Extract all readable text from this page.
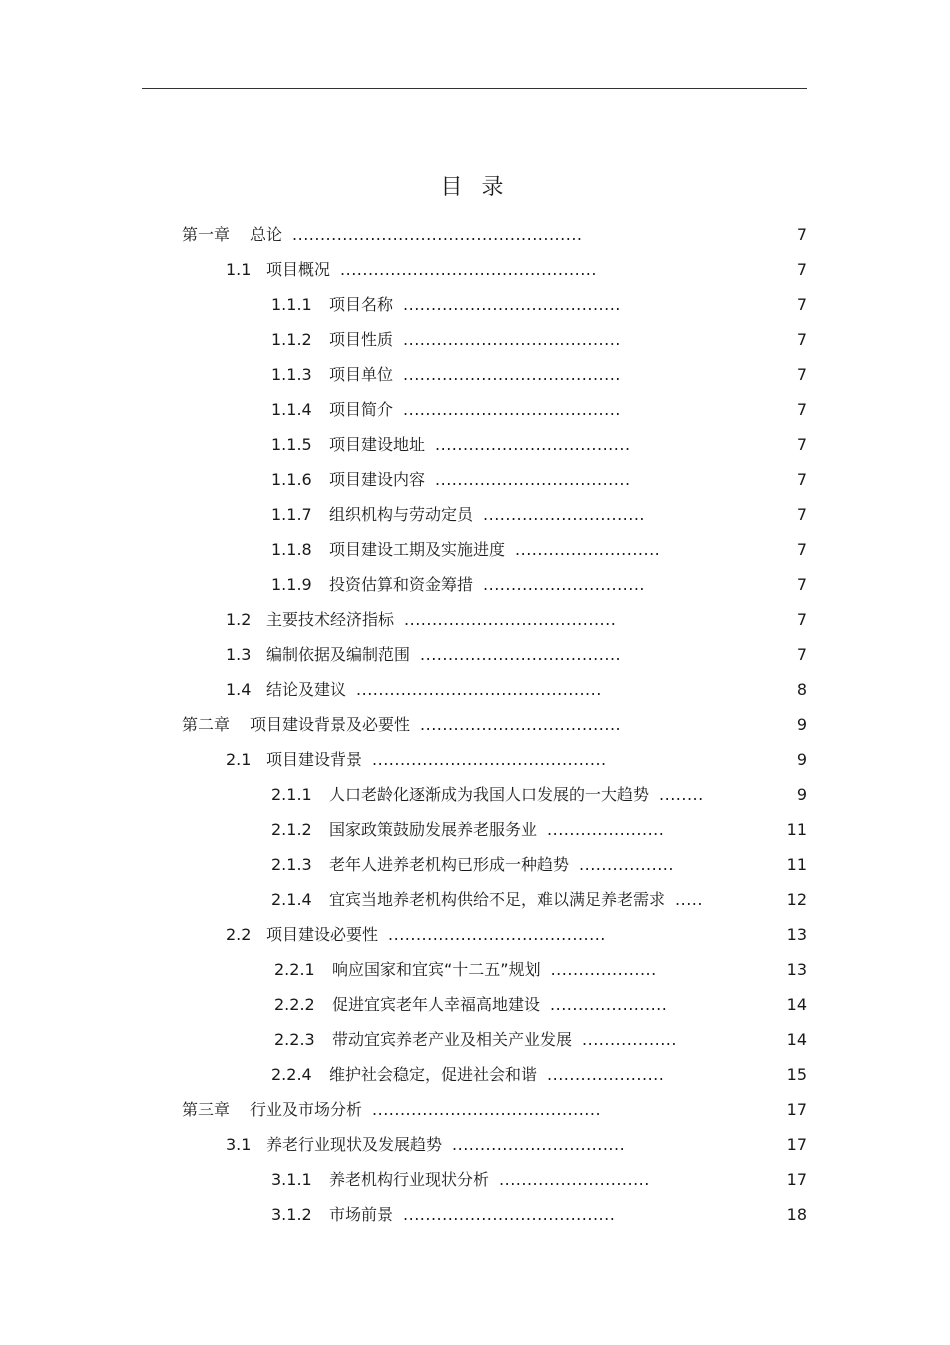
目 录
第一章 总论 ....................................................	7
1.1 项目概况 ..............................................	7
1.1.1 项目名称 .......................................	7
1.1.2 项目性质 .......................................	7
1.1.3 项目单位 .......................................	7
1.1.4 项目简介 .......................................	7
1.1.5 项目建设地址 ...................................	7
1.1.6 项目建设内容 ...................................	7
1.1.7 组织机构与劳动定员 .............................	7
1.1.8 项目建设工期及实施进度 ..........................	7
1.1.9 投资估算和资金筹措 .............................	7
1.2 主要技术经济指标 ......................................	7
1.3 编制依据及编制范围 ....................................	7
1.4 结论及建议 ............................................	8
第二章 项目建设背景及必要性 ....................................	9
2.1 项目建设背景 ..........................................	9
2.1.1 人口老龄化逐渐成为我国人口发展的一大趋势 ........	9
2.1.2 国家政策鼓励发展养老服务业 .....................	11
2.1.3 老年人进养老机构已形成一种趋势 .................	11
2.1.4 宜宾当地养老机构供给不足，难以满足养老需求 .....	12
2.2 项目建设必要性 .......................................	13
2.2.1 响应国家和宜宾“十二五”规划 ...................	13
2.2.2 促进宜宾老年人幸福高地建设 .....................	14
2.2.3 带动宜宾养老产业及相关产业发展 .................	14
2.2.4 维护社会稳定，促进社会和谐 .....................	15
第三章 行业及市场分析 .........................................	17
3.1 养老行业现状及发展趋势 ...............................	17
3.1.1 养老机构行业现状分析 ...........................	17
3.1.2 市场前景 ......................................	18
